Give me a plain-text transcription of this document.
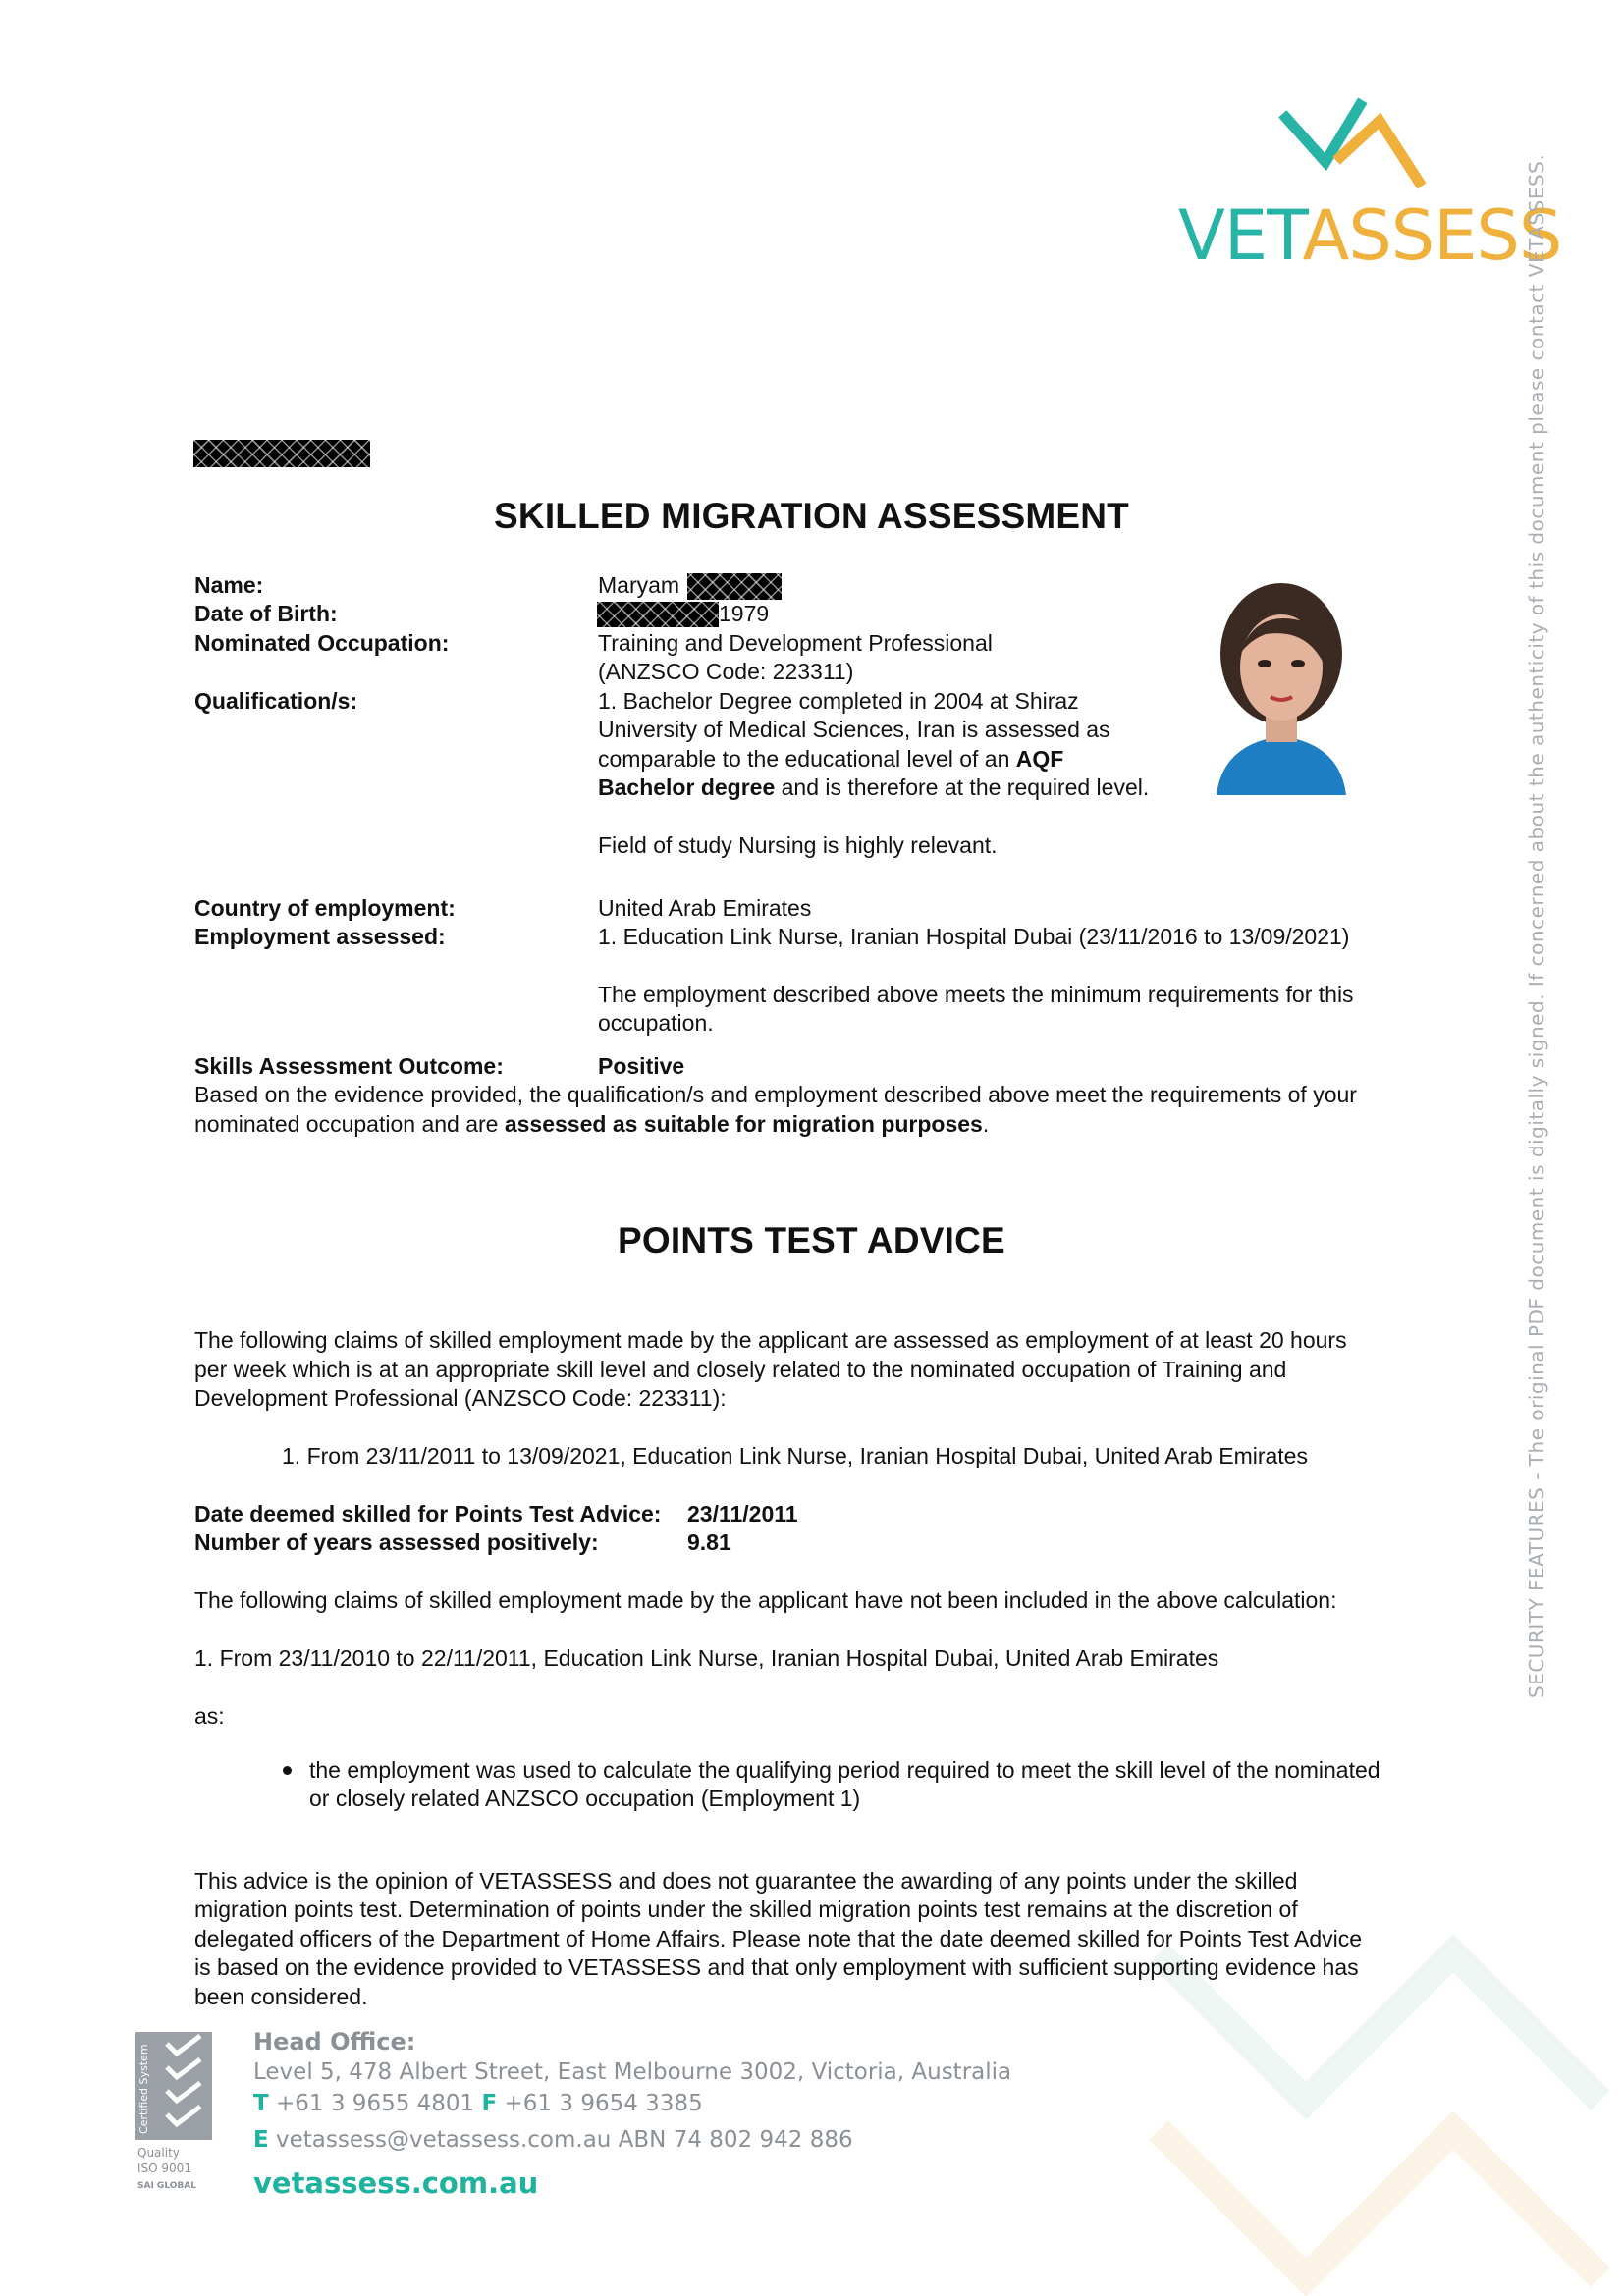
VETASSESS
SECURITY FEATURES - The original PDF document is digitally signed. If concerned about the authenticity of this document please contact VETASSESS.
SKILLED MIGRATION ASSESSMENT
Name:
Date of Birth:
Nominated Occupation:
Qualification/s:
Country of employment:
Employment assessed:
Skills Assessment Outcome:
Maryam
1979
Training and Development Professional
(ANZSCO Code: 223311)
1. Bachelor Degree completed in 2004 at Shiraz
University of Medical Sciences, Iran is assessed as
comparable to the educational level of an AQF
Bachelor degree and is therefore at the required level.
Field of study Nursing is highly relevant.
United Arab Emirates
1. Education Link Nurse, Iranian Hospital Dubai (23/11/2016 to 13/09/2021)
The employment described above meets the minimum requirements for this
occupation.
Positive
Based on the evidence provided, the qualification/s and employment described above meet the requirements of your
nominated occupation and are assessed as suitable for migration purposes.
POINTS TEST ADVICE
The following claims of skilled employment made by the applicant are assessed as employment of at least 20 hours
per week which is at an appropriate skill level and closely related to the nominated occupation of Training and
Development Professional (ANZSCO Code: 223311):
1. From 23/11/2011 to 13/09/2021, Education Link Nurse, Iranian Hospital Dubai, United Arab Emirates
Date deemed skilled for Points Test Advice: 23/11/2011
Number of years assessed positively:	9.81
The following claims of skilled employment made by the applicant have not been included in the above calculation:
1. From 23/11/2010 to 22/11/2011, Education Link Nurse, Iranian Hospital Dubai, United Arab Emirates
as:
the employment was used to calculate the qualifying period required to meet the skill level of the nominated
or closely related ANZSCO occupation (Employment 1)
This advice is the opinion of VETASSESS and does not guarantee the awarding of any points under the skilled
migration points test. Determination of points under the skilled migration points test remains at the discretion of
delegated officers of the Department of Home Affairs. Please note that the date deemed skilled for Points Test Advice
is based on the evidence provided to VETASSESS and that only employment with sufficient supporting evidence has
been considered.
Certified System
Quality
ISO 9001
SAI GLOBAL
Head Office:
Level 5, 478 Albert Street, East Melbourne 3002, Victoria, Australia
T +61 3 9655 4801 F +61 3 9654 3385
E vetassess@vetassess.com.au ABN 74 802 942 886
vetassess.com.au
